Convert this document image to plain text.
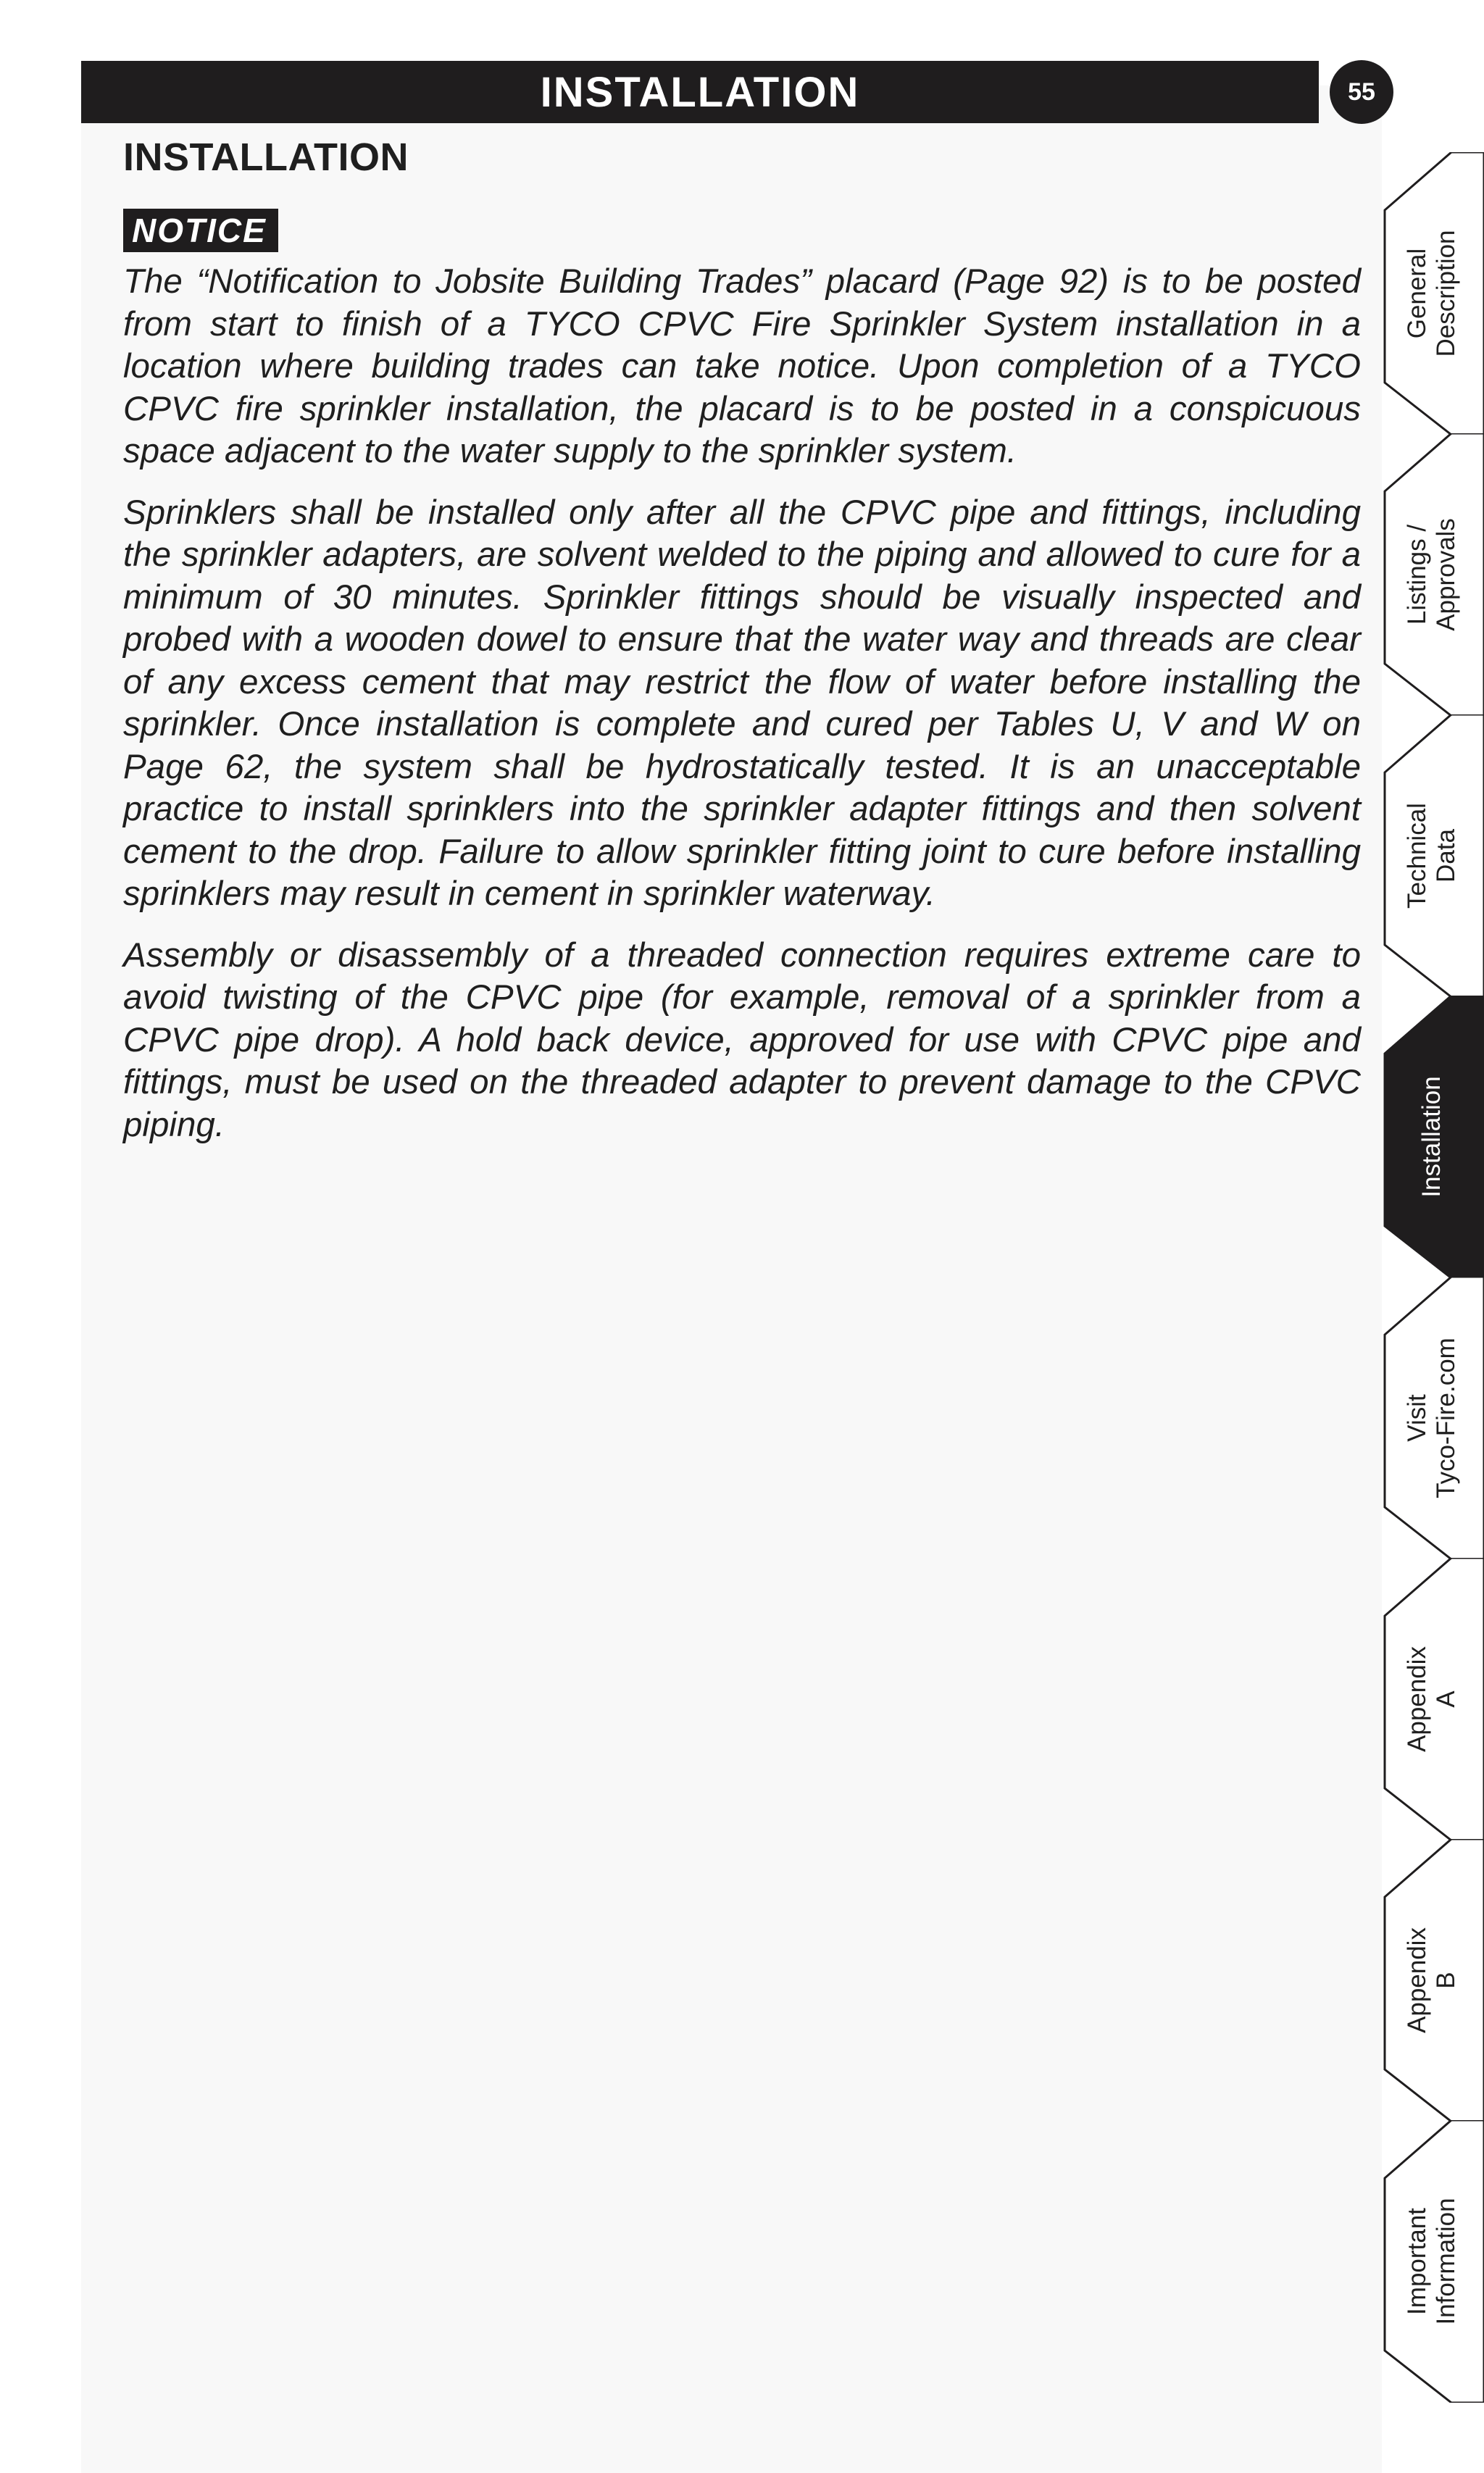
INSTALLATION	55
INSTALLATION
NOTICE

The “Notification to Jobsite Building Trades” placard (Page 92) is to be posted from start to finish of a TYCO CPVC Fire Sprinkler System installation in a location where building trades can take notice. Upon completion of a TYCO CPVC fire sprinkler installation, the placard is to be posted in a conspicuous space adjacent to the water supply to the sprinkler system.

Sprinklers shall be installed only after all the CPVC pipe and fittings, including the sprinkler adapters, are solvent welded to the piping and allowed to cure for a minimum of 30 minutes. Sprinkler fittings should be visually inspected and probed with a wooden dowel to ensure that the water way and threads are clear of any excess cement that may restrict the flow of water before installing the sprinkler. Once installation is complete and cured per Tables U, V and W on Page 62, the system shall be hydrostatically tested. It is an unacceptable practice to install sprinklers into the sprinkler adapter fittings and then solvent cement to the drop. Failure to allow sprinkler fitting joint to cure before installing sprinklers may result in cement in sprinkler waterway.

Assembly or disassembly of a threaded connection requires extreme care to avoid twisting of the CPVC pipe (for example, removal of a sprinkler from a CPVC pipe drop). A hold back device, approved for use with CPVC pipe and fittings, must be used on the threaded adapter to prevent damage to the CPVC piping.

General
Description
Listings /
Approvals
Technical
Data
Installation
Visit
Tyco-Fire.com
Appendix
A
Appendix
B
Important
Information
